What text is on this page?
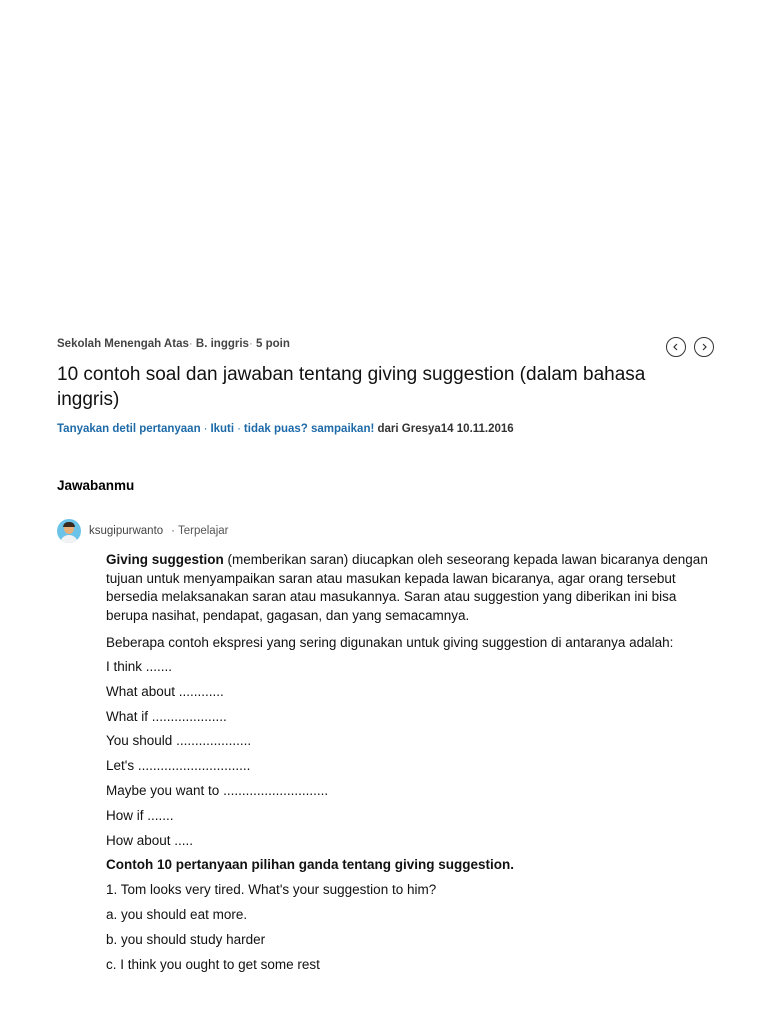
Sekolah Menengah Atas· B. inggris· 5 poin
10 contoh soal dan jawaban tentang giving suggestion (dalam bahasa inggris)
Tanyakan detil pertanyaan · Ikuti · tidak puas? sampaikan! dari Gresya14 10.11.2016
Jawabanmu
ksugipurwanto · Terpelajar

Giving suggestion (memberikan saran) diucapkan oleh seseorang kepada lawan bicaranya dengan tujuan untuk menyampaikan saran atau masukan kepada lawan bicaranya, agar orang tersebut bersedia melaksanakan saran atau masukannya. Saran atau suggestion yang diberikan ini bisa berupa nasihat, pendapat, gagasan, dan yang semacamnya.

Beberapa contoh ekspresi yang sering digunakan untuk giving suggestion di antaranya adalah:

I think .......
What about ............
What if ....................
You should ....................
Let's ..............................
Maybe you want to ............................
How if .......
How about .....
Contoh 10 pertanyaan pilihan ganda tentang giving suggestion.
1. Tom looks very tired. What's your suggestion to him?
a. you should eat more.
b. you should study harder
c. I think you ought to get some rest
